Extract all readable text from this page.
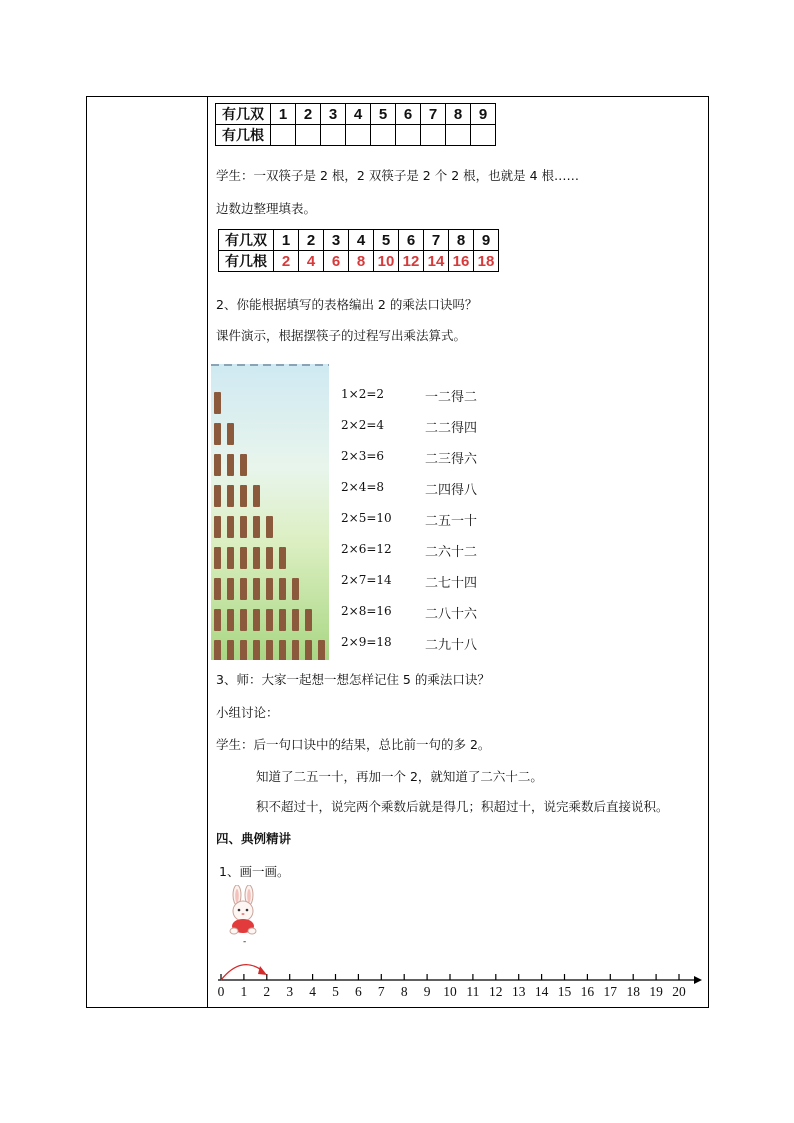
有几双	1	2	3	4	5	6	7	8	9
有几根									
学生：一双筷子是 2 根，2 双筷子是 2 个 2 根，也就是 4 根……
边数边整理填表。
有几双	1	2	3	4	5	6	7	8	9
有几根	2	4	6	8	10	12	14	16	18
2、你能根据填写的表格编出 2 的乘法口诀吗？
课件演示，根据摆筷子的过程写出乘法算式。
1×2=2	一二得二
2×2=4	二二得四
2×3=6	二三得六
2×4=8	二四得八
2×5=10	二五一十
2×6=12	二六十二
2×7=14	二七十四
2×8=16	二八十六
2×9=18	二九十八
3、师：大家一起想一想怎样记住 5 的乘法口诀？
小组讨论：
学生：后一句口诀中的结果，总比前一句的多 2。
知道了二五一十，再加一个 2，就知道了二六十二。
积不超过十，说完两个乘数后就是得几；积超过十，说完乘数后直接说积。
四、典例精讲
1、画一画。
-
0 1 2 3 4 5 6 7 8 9 10 11 12 13 14 15 16 17 18 19 20
